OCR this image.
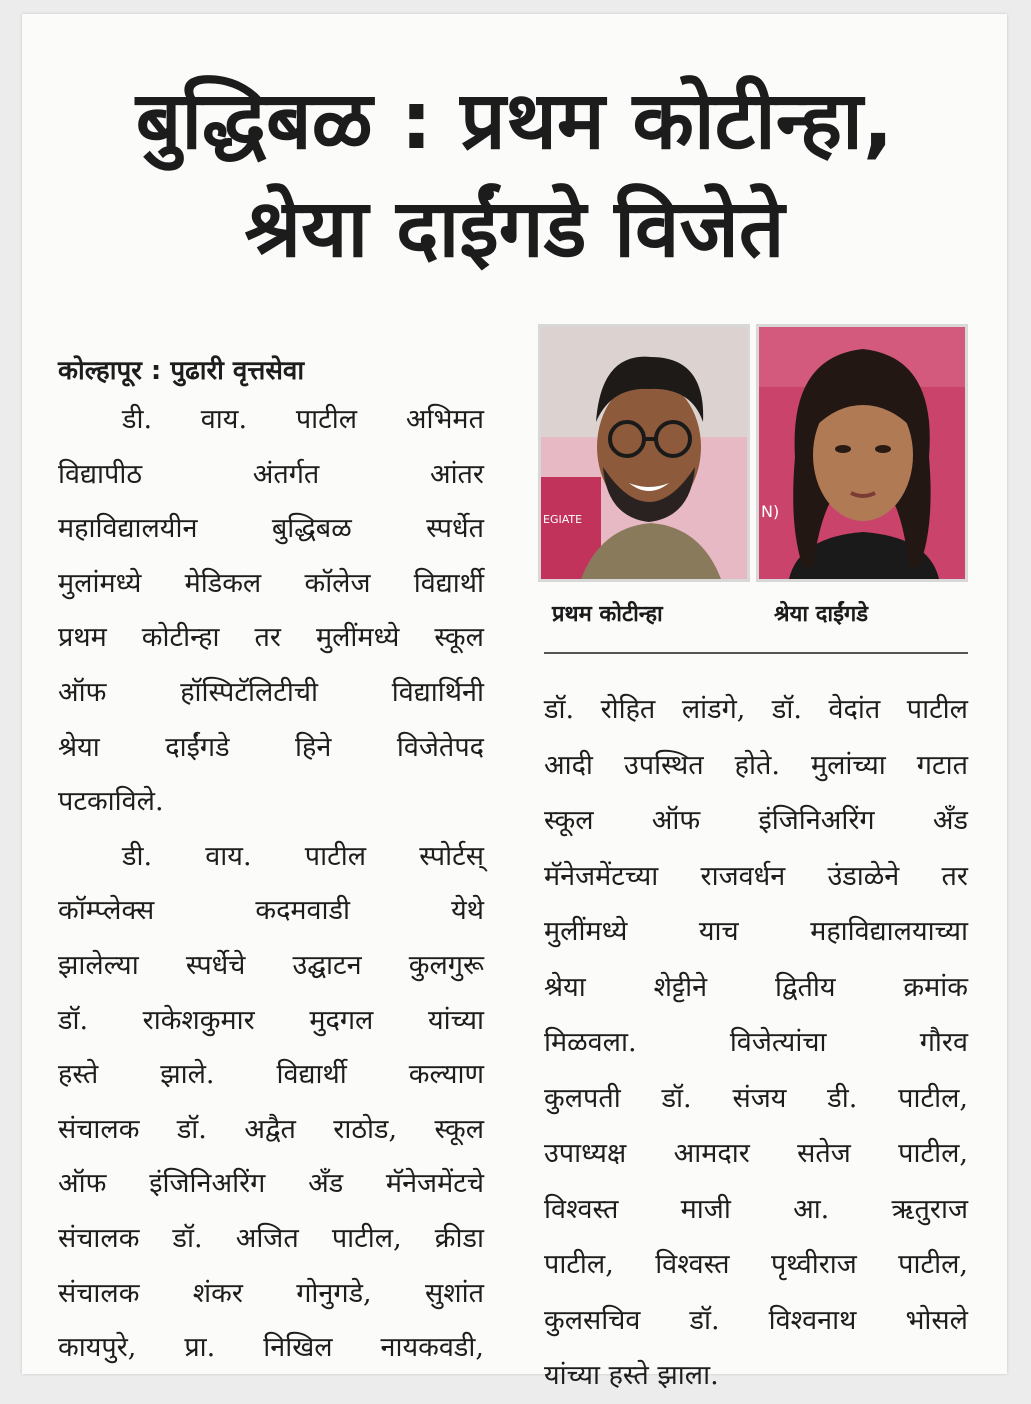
बुद्धिबळ : प्रथम कोटीन्हा,
श्रेया दाईंगडे विजेते
EGIATE	N)
प्रथम कोटीन्हा	श्रेया दाईंगडे
कोल्हापूर : पुढारी वृत्तसेवा
डी. वाय. पाटील अभिमत
विद्यापीठ	अंतर्गत	आंतर
महाविद्यालयीन	बुद्धिबळ	स्पर्धेत
मुलांमध्ये मेडिकल कॉलेज विद्यार्थी
प्रथम कोटीन्हा तर मुलींमध्ये स्कूल
ऑफ	हॉस्पिटॅलिटीची	विद्यार्थिनी
श्रेया दाईंगडे हिने विजेतेपद
पटकाविले.
डी. वाय. पाटील स्पोर्टस्
कॉम्प्लेक्स	कदमवाडी	येथे
झालेल्या स्पर्धेचे उद्घाटन कुलगुरू
डॉ. राकेशकुमार मुदगल यांच्या
हस्ते झाले. विद्यार्थी कल्याण
संचालक डॉ. अद्वैत राठोड, स्कूल
ऑफ इंजिनिअरिंग अँड मॅनेजमेंटचे
संचालक डॉ. अजित पाटील, क्रीडा
संचालक शंकर गोनुगडे, सुशांत
कायपुरे, प्रा. निखिल नायकवडी,
डॉ. रोहित लांडगे, डॉ. वेदांत पाटील
आदी उपस्थित होते. मुलांच्या गटात
स्कूल ऑफ इंजिनिअरिंग अँड
मॅनेजमेंटच्या राजवर्धन उंडाळेने तर
मुलींमध्ये	याच	महाविद्यालयाच्या
श्रेया	शेट्टीने	द्वितीय	क्रमांक
मिळवला.	विजेत्यांचा	गौरव
कुलपती डॉ. संजय डी. पाटील,
उपाध्यक्ष आमदार सतेज पाटील,
विश्वस्त माजी आ. ऋतुराज
पाटील, विश्वस्त पृथ्वीराज पाटील,
कुलसचिव डॉ. विश्वनाथ भोसले
यांच्या हस्ते झाला.
